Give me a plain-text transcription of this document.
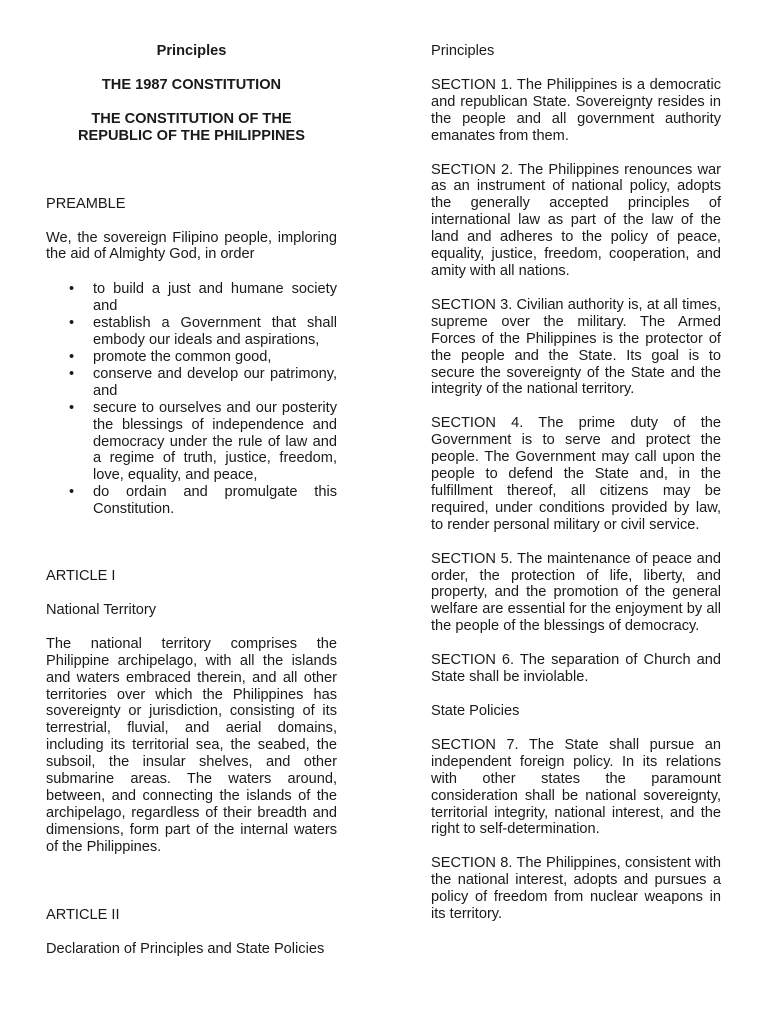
Principles

THE 1987 CONSTITUTION

THE CONSTITUTION OF THE REPUBLIC OF THE PHILIPPINES

PREAMBLE

We, the sovereign Filipino people, imploring the aid of Almighty God, in order

• to build a just and humane society and
• establish a Government that shall embody our ideals and aspirations,
• promote the common good,
• conserve and develop our patrimony, and
• secure to ourselves and our posterity the blessings of independence and democracy under the rule of law and a regime of truth, justice, freedom, love, equality, and peace,
• do ordain and promulgate this Constitution.

ARTICLE I

National Territory

The national territory comprises the Philippine archipelago, with all the islands and waters embraced therein, and all other territories over which the Philippines has sovereignty or jurisdiction, consisting of its terrestrial, fluvial, and aerial domains, including its territorial sea, the seabed, the subsoil, the insular shelves, and other submarine areas. The waters around, between, and connecting the islands of the archipelago, regardless of their breadth and dimensions, form part of the internal waters of the Philippines.

ARTICLE II

Declaration of Principles and State Policies

Principles

SECTION 1. The Philippines is a democratic and republican State. Sovereignty resides in the people and all government authority emanates from them.

SECTION 2. The Philippines renounces war as an instrument of national policy, adopts the generally accepted principles of international law as part of the law of the land and adheres to the policy of peace, equality, justice, freedom, cooperation, and amity with all nations.

SECTION 3. Civilian authority is, at all times, supreme over the military. The Armed Forces of the Philippines is the protector of the people and the State. Its goal is to secure the sovereignty of the State and the integrity of the national territory.

SECTION 4. The prime duty of the Government is to serve and protect the people. The Government may call upon the people to defend the State and, in the fulfillment thereof, all citizens may be required, under conditions provided by law, to render personal military or civil service.

SECTION 5. The maintenance of peace and order, the protection of life, liberty, and property, and the promotion of the general welfare are essential for the enjoyment by all the people of the blessings of democracy.

SECTION 6. The separation of Church and State shall be inviolable.

State Policies

SECTION 7. The State shall pursue an independent foreign policy. In its relations with other states the paramount consideration shall be national sovereignty, territorial integrity, national interest, and the right to self-determination.

SECTION 8. The Philippines, consistent with the national interest, adopts and pursues a policy of freedom from nuclear weapons in its territory.
